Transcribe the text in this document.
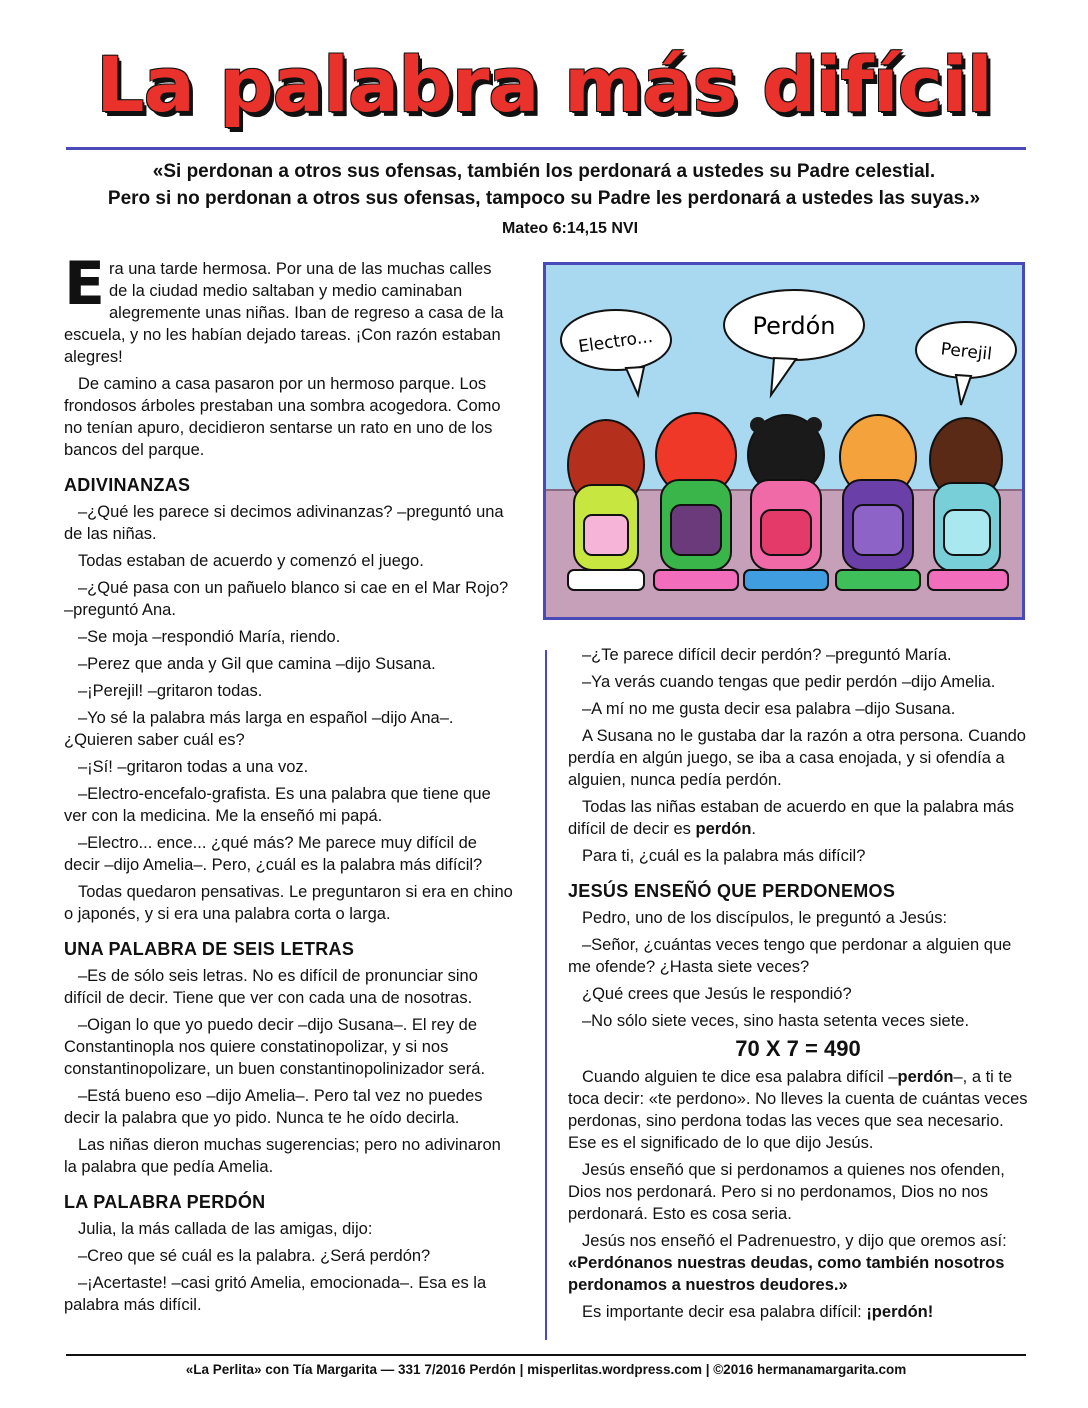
La palabra más difícil
«Si perdonan a otros sus ofensas, también los perdonará a ustedes su Padre celestial.
Pero si no perdonan a otros sus ofensas, tampoco su Padre les perdonará a ustedes las suyas.»
Mateo 6:14,15 NVI

Era una tarde hermosa. Por una de las muchas calles de la ciudad medio saltaban y medio caminaban alegremente unas niñas. Iban de regreso a casa de la escuela, y no les habían dejado tareas. ¡Con razón estaban alegres!

De camino a casa pasaron por un hermoso parque. Los frondosos árboles prestaban una sombra acogedora. Como no tenían apuro, decidieron sentarse un rato en uno de los bancos del parque.

ADIVINANZAS

–¿Qué les parece si decimos adivinanzas? –preguntó una de las niñas.

Todas estaban de acuerdo y comenzó el juego.

–¿Qué pasa con un pañuelo blanco si cae en el Mar Rojo? –preguntó Ana.

–Se moja –respondió María, riendo.

–Perez que anda y Gil que camina –dijo Susana.

–¡Perejil! –gritaron todas.

–Yo sé la palabra más larga en español –dijo Ana–. ¿Quieren saber cuál es?

–¡Sí! –gritaron todas a una voz.

–Electro-encefalo-grafista. Es una palabra que tiene que ver con la medicina. Me la enseñó mi papá.

–Electro... ence... ¿qué más? Me parece muy difícil de decir –dijo Amelia–. Pero, ¿cuál es la palabra más difícil?

Todas quedaron pensativas. Le preguntaron si era en chino o japonés, y si era una palabra corta o larga.

UNA PALABRA DE SEIS LETRAS

–Es de sólo seis letras. No es difícil de pronunciar sino difícil de decir. Tiene que ver con cada una de nosotras.

–Oigan lo que yo puedo decir –dijo Susana–. El rey de Constantinopla nos quiere constatinopolizar, y si nos constantinopolizare, un buen constantinopolinizador será.

–Está bueno eso –dijo Amelia–. Pero tal vez no puedes decir la palabra que yo pido. Nunca te he oído decirla.

Las niñas dieron muchas sugerencias; pero no adivinaron la palabra que pedía Amelia.

LA PALABRA PERDÓN

Julia, la más callada de las amigas, dijo:

–Creo que sé cuál es la palabra. ¿Será perdón?

–¡Acertaste! –casi gritó Amelia, emocionada–. Esa es la palabra más difícil.

Electro...
Perdón
Perejil

–¿Te parece difícil decir perdón? –preguntó María.

–Ya verás cuando tengas que pedir perdón –dijo Amelia.

–A mí no me gusta decir esa palabra –dijo Susana.

A Susana no le gustaba dar la razón a otra persona. Cuando perdía en algún juego, se iba a casa enojada, y si ofendía a alguien, nunca pedía perdón.

Todas las niñas estaban de acuerdo en que la palabra más difícil de decir es perdón.

Para ti, ¿cuál es la palabra más difícil?

JESÚS ENSEÑÓ QUE PERDONEMOS

Pedro, uno de los discípulos, le preguntó a Jesús:

–Señor, ¿cuántas veces tengo que perdonar a alguien que me ofende? ¿Hasta siete veces?

¿Qué crees que Jesús le respondió?

–No sólo siete veces, sino hasta setenta veces siete.

70 X 7 = 490

Cuando alguien te dice esa palabra difícil –perdón–, a ti te toca decir: «te perdono». No lleves la cuenta de cuántas veces perdonas, sino perdona todas las veces que sea necesario. Ese es el significado de lo que dijo Jesús.

Jesús enseñó que si perdonamos a quienes nos ofenden, Dios nos perdonará. Pero si no perdonamos, Dios no nos perdonará. Esto es cosa seria.

Jesús nos enseñó el Padrenuestro, y dijo que oremos así: «Perdónanos nuestras deudas, como también nosotros perdonamos a nuestros deudores.»

Es importante decir esa palabra difícil: ¡perdón!

«La Perlita» con Tía Margarita — 331 7/2016 Perdón | misperlitas.wordpress.com | ©2016 hermanamargarita.com
